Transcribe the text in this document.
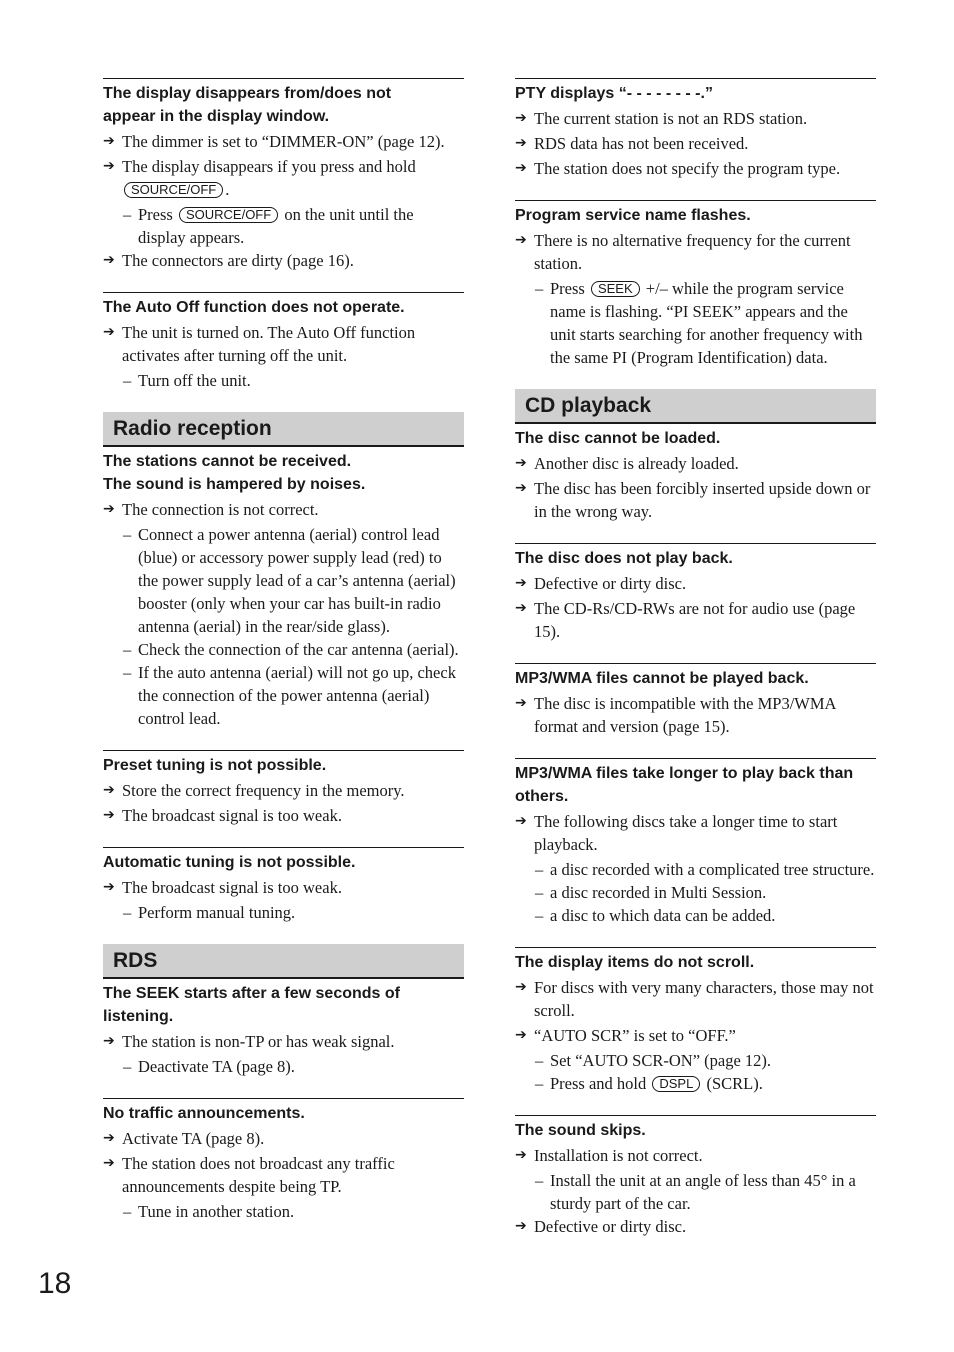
The display disappears from/does not
appear in the display window.
➔ The dimmer is set to “DIMMER-ON” (page 12).
➔ The display disappears if you press and hold SOURCE/OFF .
– Press SOURCE/OFF on the unit until the display appears.
➔ The connectors are dirty (page 16).
The Auto Off function does not operate.
➔ The unit is turned on. The Auto Off function activates after turning off the unit.
– Turn off the unit.
Radio reception
The stations cannot be received.
The sound is hampered by noises.
➔ The connection is not correct.
– Connect a power antenna (aerial) control lead (blue) or accessory power supply lead (red) to the power supply lead of a car’s antenna (aerial) booster (only when your car has built-in radio antenna (aerial) in the rear/side glass).
– Check the connection of the car antenna (aerial).
– If the auto antenna (aerial) will not go up, check the connection of the power antenna (aerial) control lead.
Preset tuning is not possible.
➔ Store the correct frequency in the memory.
➔ The broadcast signal is too weak.
Automatic tuning is not possible.
➔ The broadcast signal is too weak.
– Perform manual tuning.
RDS
The SEEK starts after a few seconds of
listening.
➔ The station is non-TP or has weak signal.
– Deactivate TA (page 8).
No traffic announcements.
➔ Activate TA (page 8).
➔ The station does not broadcast any traffic announcements despite being TP.
– Tune in another station.
PTY displays “- - - - - - - -.”
➔ The current station is not an RDS station.
➔ RDS data has not been received.
➔ The station does not specify the program type.
Program service name flashes.
➔ There is no alternative frequency for the current station.
– Press SEEK +/– while the program service name is flashing. “PI SEEK” appears and the unit starts searching for another frequency with the same PI (Program Identification) data.
CD playback
The disc cannot be loaded.
➔ Another disc is already loaded.
➔ The disc has been forcibly inserted upside down or in the wrong way.
The disc does not play back.
➔ Defective or dirty disc.
➔ The CD-Rs/CD-RWs are not for audio use (page 15).
MP3/WMA files cannot be played back.
➔ The disc is incompatible with the MP3/WMA format and version (page 15).
MP3/WMA files take longer to play back than
others.
➔ The following discs take a longer time to start playback.
– a disc recorded with a complicated tree structure.
– a disc recorded in Multi Session.
– a disc to which data can be added.
The display items do not scroll.
➔ For discs with very many characters, those may not scroll.
➔ “AUTO SCR” is set to “OFF.”
– Set “AUTO SCR-ON” (page 12).
– Press and hold DSPL (SCRL).
The sound skips.
➔ Installation is not correct.
– Install the unit at an angle of less than 45° in a sturdy part of the car.
➔ Defective or dirty disc.
18
